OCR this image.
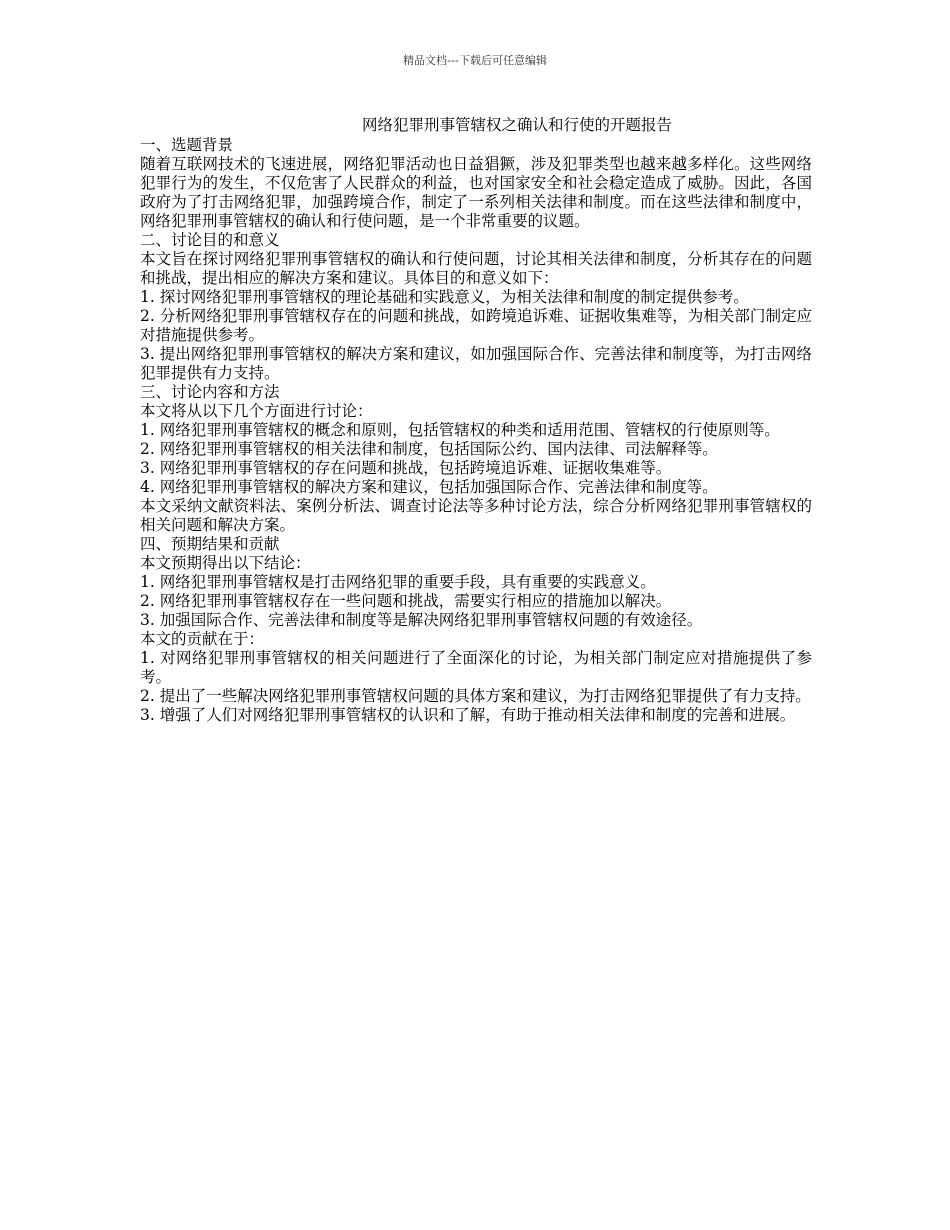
精品文档---下载后可任意编辑
网络犯罪刑事管辖权之确认和行使的开题报告
一、选题背景

随着互联网技术的飞速进展，网络犯罪活动也日益猖獗，涉及犯罪类型也越来越多样化。这些网络犯罪行为的发生，不仅危害了人民群众的利益，也对国家安全和社会稳定造成了威胁。因此，各国政府为了打击网络犯罪，加强跨境合作，制定了一系列相关法律和制度。而在这些法律和制度中，网络犯罪刑事管辖权的确认和行使问题，是一个非常重要的议题。

二、讨论目的和意义

本文旨在探讨网络犯罪刑事管辖权的确认和行使问题，讨论其相关法律和制度，分析其存在的问题和挑战，提出相应的解决方案和建议。具体目的和意义如下：

1. 探讨网络犯罪刑事管辖权的理论基础和实践意义，为相关法律和制度的制定提供参考。

2. 分析网络犯罪刑事管辖权存在的问题和挑战，如跨境追诉难、证据收集难等，为相关部门制定应对措施提供参考。

3. 提出网络犯罪刑事管辖权的解决方案和建议，如加强国际合作、完善法律和制度等，为打击网络犯罪提供有力支持。

三、讨论内容和方法

本文将从以下几个方面进行讨论：

1. 网络犯罪刑事管辖权的概念和原则，包括管辖权的种类和适用范围、管辖权的行使原则等。

2. 网络犯罪刑事管辖权的相关法律和制度，包括国际公约、国内法律、司法解释等。

3. 网络犯罪刑事管辖权的存在问题和挑战，包括跨境追诉难、证据收集难等。

4. 网络犯罪刑事管辖权的解决方案和建议，包括加强国际合作、完善法律和制度等。

本文采纳文献资料法、案例分析法、调查讨论法等多种讨论方法，综合分析网络犯罪刑事管辖权的相关问题和解决方案。

四、预期结果和贡献

本文预期得出以下结论：

1. 网络犯罪刑事管辖权是打击网络犯罪的重要手段，具有重要的实践意义。

2. 网络犯罪刑事管辖权存在一些问题和挑战，需要实行相应的措施加以解决。

3. 加强国际合作、完善法律和制度等是解决网络犯罪刑事管辖权问题的有效途径。

本文的贡献在于：

1. 对网络犯罪刑事管辖权的相关问题进行了全面深化的讨论，为相关部门制定应对措施提供了参考。

2. 提出了一些解决网络犯罪刑事管辖权问题的具体方案和建议，为打击网络犯罪提供了有力支持。

3. 增强了人们对网络犯罪刑事管辖权的认识和了解，有助于推动相关法律和制度的完善和进展。
